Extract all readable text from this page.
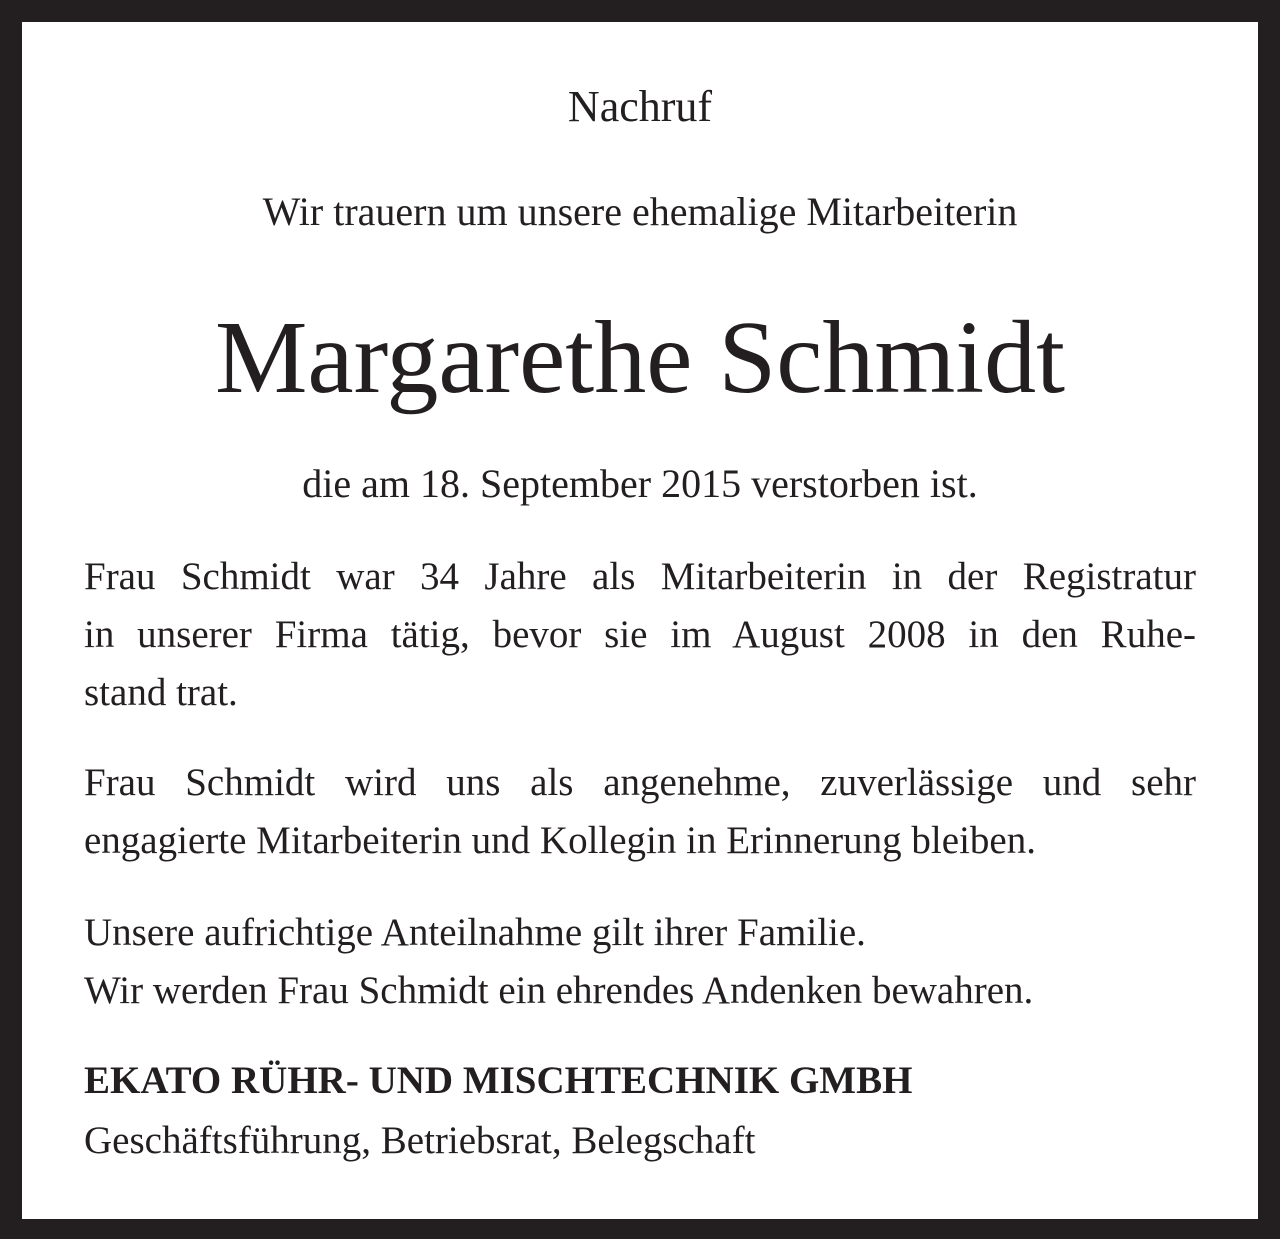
Nachruf
Wir trauern um unsere ehemalige Mitarbeiterin
Margarethe Schmidt
die am 18. September 2015 verstorben ist.
Frau Schmidt war 34 Jahre als Mitarbeiterin in der Registratur
in unserer Firma tätig, bevor sie im August 2008 in den Ruhe-
stand trat.
Frau Schmidt wird uns als angenehme, zuverlässige und sehr
engagierte Mitarbeiterin und Kollegin in Erinnerung bleiben.
Unsere aufrichtige Anteilnahme gilt ihrer Familie.
Wir werden Frau Schmidt ein ehrendes Andenken bewahren.
EKATO RÜHR- UND MISCHTECHNIK GMBH
Geschäftsführung, Betriebsrat, Belegschaft
